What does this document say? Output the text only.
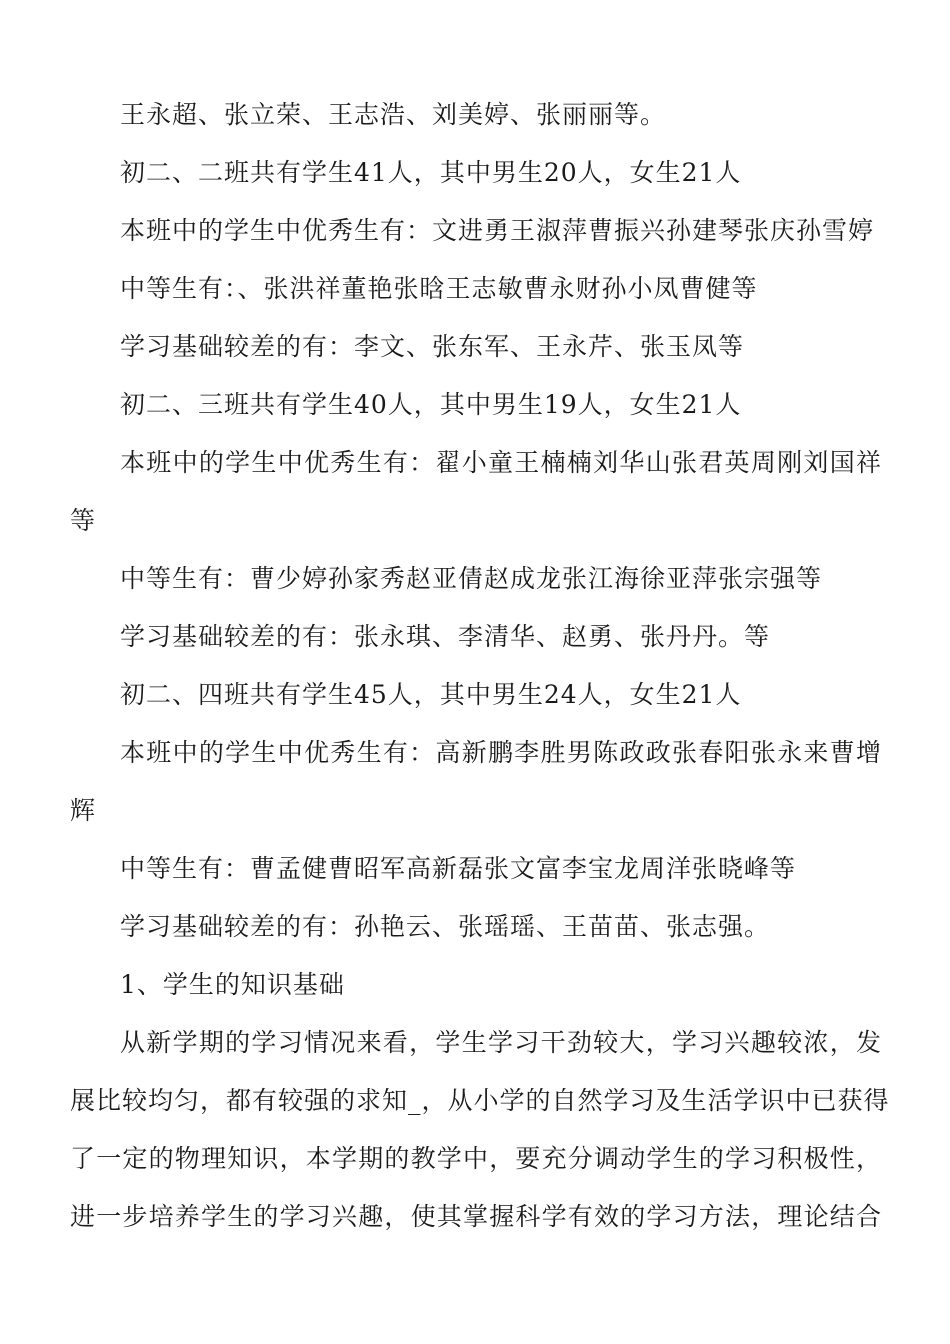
王永超、张立荣、王志浩、刘美婷、张丽丽等。
初二、二班共有学生41人，其中男生20人，女生21人
本班中的学生中优秀生有：文进勇王淑萍曹振兴孙建琴张庆孙雪婷
中等生有：、张洪祥董艳张晗王志敏曹永财孙小凤曹健等
学习基础较差的有：李文、张东军、王永芹、张玉凤等
初二、三班共有学生40人，其中男生19人，女生21人
本班中的学生中优秀生有：翟小童王楠楠刘华山张君英周刚刘国祥
等
中等生有：曹少婷孙家秀赵亚倩赵成龙张江海徐亚萍张宗强等
学习基础较差的有：张永琪、李清华、赵勇、张丹丹。等
初二、四班共有学生45人，其中男生24人，女生21人
本班中的学生中优秀生有：高新鹏李胜男陈政政张春阳张永来曹增
辉
中等生有：曹孟健曹昭军高新磊张文富李宝龙周洋张晓峰等
学习基础较差的有：孙艳云、张瑶瑶、王苗苗、张志强。
1、学生的知识基础
从新学期的学习情况来看，学生学习干劲较大，学习兴趣较浓，发
展比较均匀，都有较强的求知_，从小学的自然学习及生活学识中已获得
了一定的物理知识，本学期的教学中，要充分调动学生的学习积极性，
进一步培养学生的学习兴趣，使其掌握科学有效的学习方法，理论结合
